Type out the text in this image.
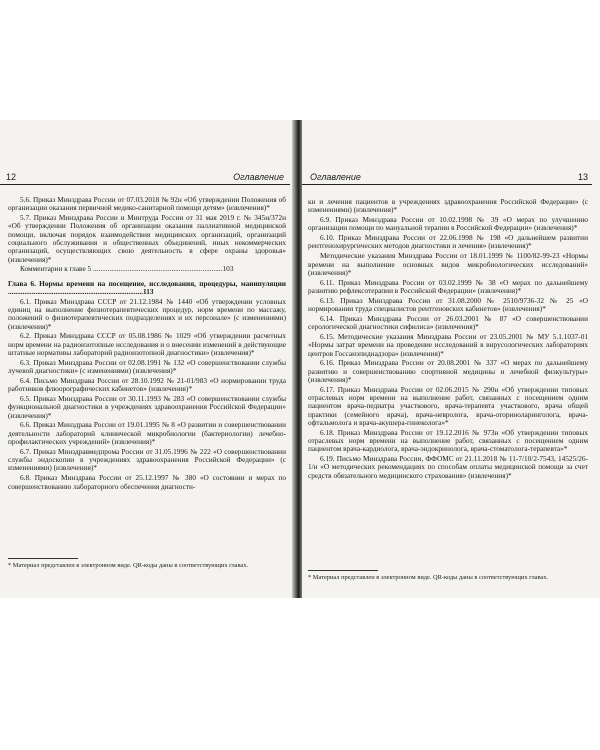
12	Оглавление

5.6. Приказ Минздрава России от 07.03.2018 № 92н «Об утверждении Положения об организации оказания первичной медико-санитарной помощи детям» (извлечения)*

5.7. Приказ Минздрава России и Минтруда России от 31 мая 2019 г. № 345н/372н «Об утверждении Положения об организации оказания паллиативной медицинской помощи, включая порядок взаимодействия медицинских организаций, организаций социального обслуживания и общественных объединений, иных некоммерческих организаций, осуществляющих свою деятельность в сфере охраны здоровья» (извлечения)*

Комментарии к главе 5 .......................................................................103

Глава 6. Нормы времени на посещение, исследования, процедуры, манипуляции ..........................................................................113

6.1. Приказ Минздрава СССР от 21.12.1984 № 1440 «Об утверждении условных единиц на выполнение физиотерапевтических процедур, норм времени по массажу, положений о физиотерапевтических подразделениях и их персонале» (с изменениями) (извлечения)*

6.2. Приказ Минздрава СССР от 05.08.1986 № 1029 «Об утверждении расчетных норм времени на радиоизотопные исследования и о внесении изменений в действующие штатные нормативы лабораторий радиоизотопной диагностики» (извлечения)*

6.3. Приказ Минздрава России от 02.08.1991 № 132 «О совершенствовании службы лучевой диагностики» (с изменениями) (извлечения)*

6.4. Письмо Минздрава России от 28.10.1992 № 21-01/983 «О нормировании труда работников флюорографических кабинетов» (извлечения)*

6.5. Приказ Минздрава России от 30.11.1993 № 283 «О совершенствовании службы функциональной диагностики в учреждениях здравоохранения Российской Федерации» (извлечения)*

6.6. Приказ Минздрава России от 19.01.1995 № 8 «О развитии и совершенствовании деятельности лабораторий клинической микробиологии (бактериологии) лечебно-профилактических учреждений» (извлечения)*

6.7. Приказ Минздравмедпрома России от 31.05.1996 № 222 «О совершенствовании службы эндоскопии в учреждениях здравоохранения Российской Федерации» (с изменениями) (извлечения)*

6.8. Приказ Минздрава России от 25.12.1997 № 380 «О состоянии и мерах по совершенствованию лабораторного обеспечения диагности-

* Материал представлен в электронном виде. QR-коды даны в соответствующих главах.
Оглавление	13

ки и лечения пациентов в учреждениях здравоохранения Российской Федерации» (с изменениями) (извлечения)*

6.9. Приказ Минздрава России от 10.02.1998 № 39 «О мерах по улучшению организации помощи по мануальной терапии в Российской Федерации» (извлечения)*

6.10. Приказ Минздрава России от 22.06.1998 № 198 «О дальнейшем развитии рентгенохирургических методов диагностики и лечения» (извлечения)*

Методические указания Минздрава России от 18.01.1999 № 1100/82-99-23 «Нормы времени на выполнение основных видов микробиологических исследований» (извлечения)*

6.11. Приказ Минздрава России от 03.02.1999 № 38 «О мерах по дальнейшему развитию рефлексотерапии в Российской Федерации» (извлечения)*

6.13. Приказ Минздрава России от 31.08.2000 № 2510/9736-32 № 25 «О нормировании труда специалистов рентгеновских кабинетов» (извлечения)*

6.14. Приказ Минздрава России от 26.03.2001 № 87 «О совершенствовании серологической диагностики сифилиса» (извлечения)*

6.15. Методические указания Минздрава России от 23.05.2001 № МУ 5.1.1037-01 «Нормы затрат времени на проведение исследований в вирусологических лабораториях центров Госсанэпиднадзора» (извлечения)*

6.16. Приказ Минздрава России от 20.08.2001 № 337 «О мерах по дальнейшему развитию и совершенствованию спортивной медицины и лечебной физкультуры» (извлечения)*

6.17. Приказ Минздрава России от 02.06.2015 № 290н «Об утверждении типовых отраслевых норм времени на выполнение работ, связанных с посещением одним пациентом врача-педиатра участкового, врача-терапевта участкового, врача общей практики (семейного врача), врача-невролога, врача-оториноларинголога, врача-офтальмолога и врача-акушера-гинеколога»*

6.18. Приказ Минздрава России от 19.12.2016 № 973н «Об утверждении типовых отраслевых норм времени на выполнение работ, связанных с посещением одним пациентом врача-кардиолога, врача-эндокринолога, врача-стоматолога-терапевта»*

6.19. Письмо Минздрава России, ФФОМС от 21.11.2018 № 11-7/10/2-7543, 14525/26-1/и «О методических рекомендациях по способам оплаты медицинской помощи за счет средств обязательного медицинского страхования» (извлечения)*

* Материал представлен в электронном виде. QR-коды даны в соответствующих главах.
